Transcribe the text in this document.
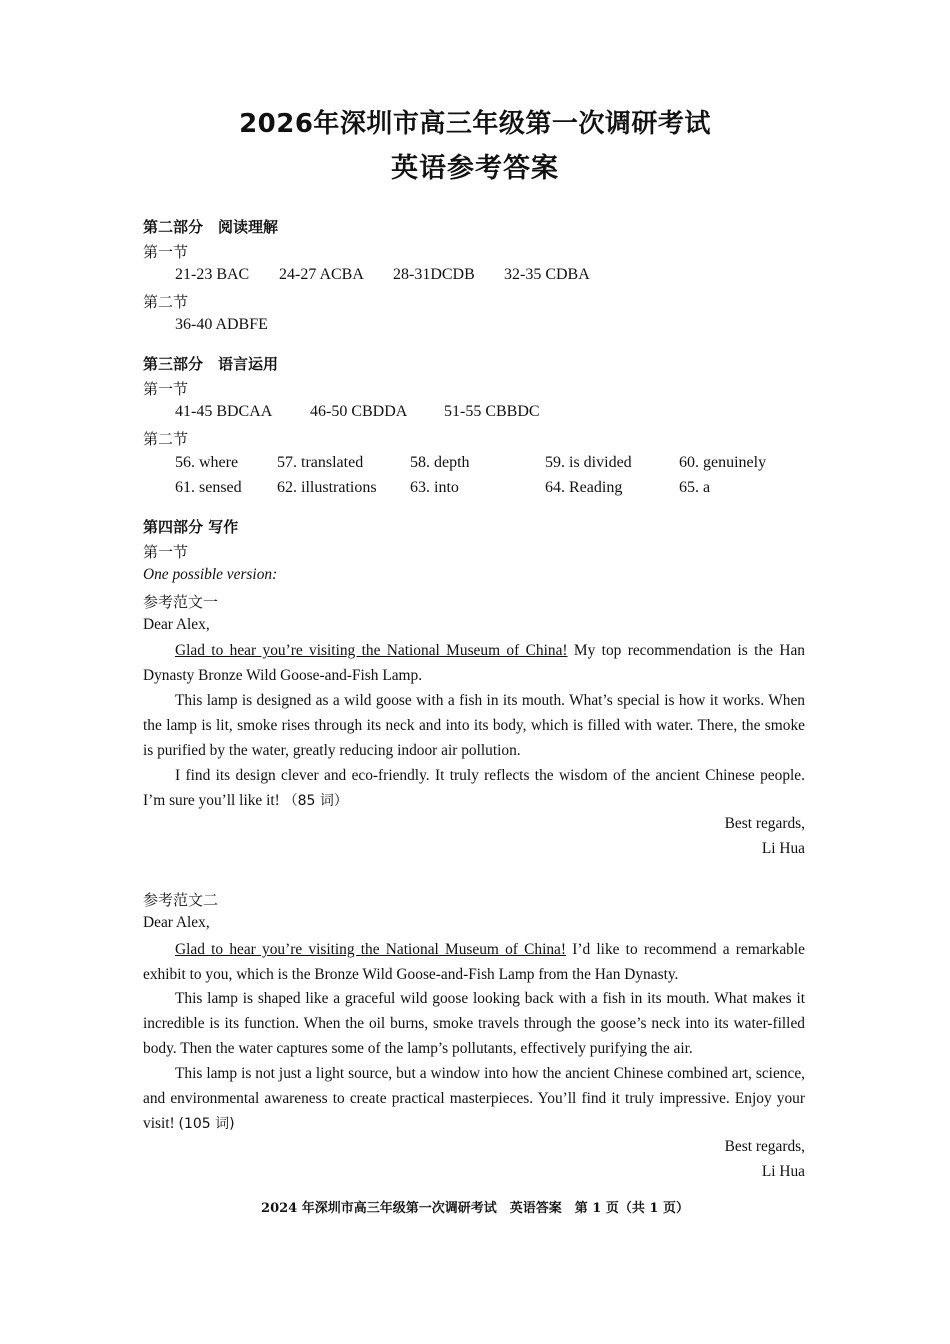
2026年深圳市高三年级第一次调研考试
英语参考答案
第二部分　阅读理解
第一节
21-23 BAC 24-27 ACBA 28-31DCDB 32-35 CDBA
第二节
36-40 ADBFE
第三部分　语言运用
第一节
41-45 BDCAA 46-50 CBDDA 51-55 CBBDC
第二节
56. where 57. translated	58. depth	59. is divided	60. genuinely
61. sensed 62. illustrations 63. into	64. Reading	65. a
第四部分 写作
第一节
One possible version:
参考范文一
Dear Alex,
Glad to hear you’re visiting the National Museum of China! My top recommendation is the Han Dynasty Bronze Wild Goose-and-Fish Lamp.
This lamp is designed as a wild goose with a fish in its mouth. What’s special is how it works. When the lamp is lit, smoke rises through its neck and into its body, which is filled with water. There, the smoke is purified by the water, greatly reducing indoor air pollution.
I find its design clever and eco-friendly. It truly reflects the wisdom of the ancient Chinese people. I’m sure you’ll like it! （85 词）
Best regards,
Li Hua
参考范文二
Dear Alex,
Glad to hear you’re visiting the National Museum of China! I’d like to recommend a remarkable exhibit to you, which is the Bronze Wild Goose-and-Fish Lamp from the Han Dynasty.
This lamp is shaped like a graceful wild goose looking back with a fish in its mouth. What makes it incredible is its function. When the oil burns, smoke travels through the goose’s neck into its water-filled body. Then the water captures some of the lamp’s pollutants, effectively purifying the air.
This lamp is not just a light source, but a window into how the ancient Chinese combined art, science, and environmental awareness to create practical masterpieces. You’ll find it truly impressive. Enjoy your visit! (105 词)
Best regards,
Li Hua
2024 年深圳市高三年级第一次调研考试　英语答案　第 1 页（共 1 页）
